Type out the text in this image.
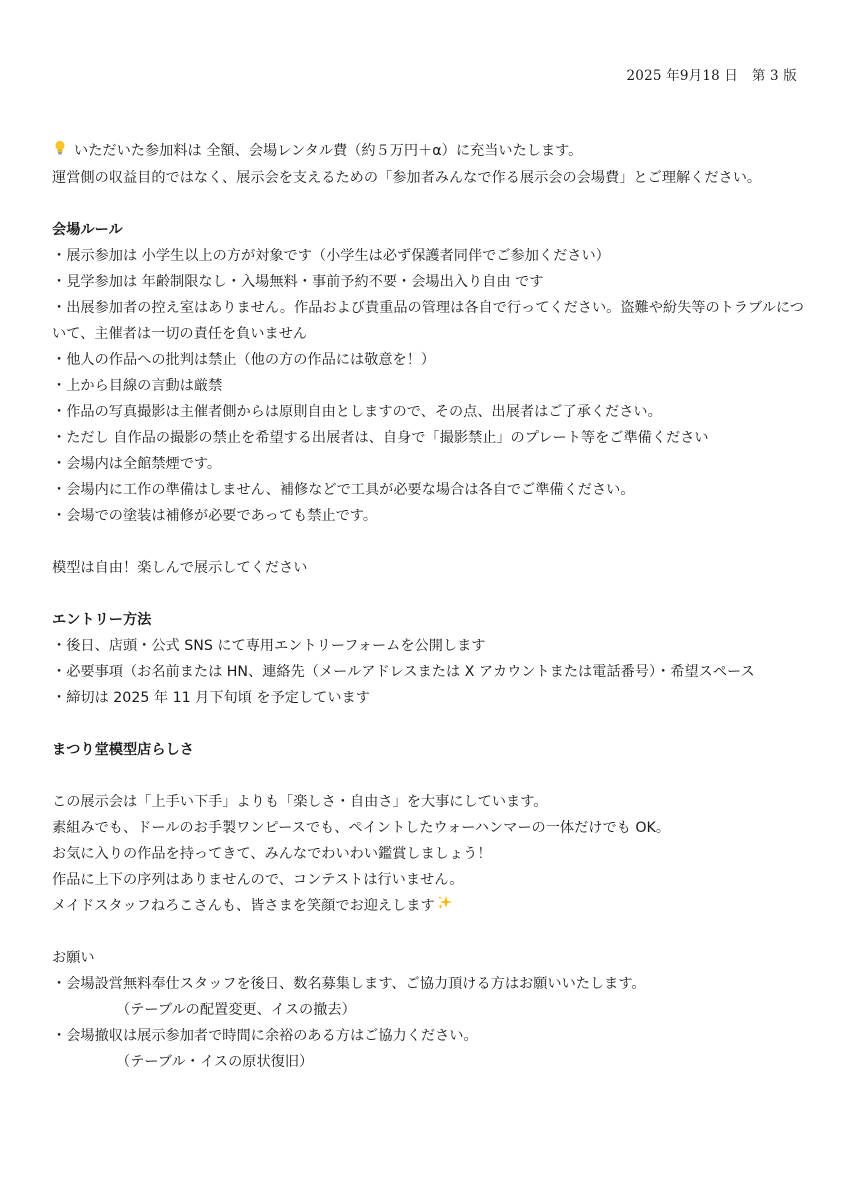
2025 年9月18 日　第 3 版
いただいた参加料は 全額、会場レンタル費（約５万円＋α）に充当いたします。
運営側の収益目的ではなく、展示会を支えるための「参加者みんなで作る展示会の会場費」とご理解ください。
会場ルール
・展示参加は 小学生以上の方が対象です（小学生は必ず保護者同伴でご参加ください）
・見学参加は 年齢制限なし・入場無料・事前予約不要・会場出入り自由 です
・出展参加者の控え室はありません。作品および貴重品の管理は各自で行ってください。盗難や紛失等のトラブルについて、主催者は一切の責任を負いません
・他人の作品への批判は禁止（他の方の作品には敬意を！）
・上から目線の言動は厳禁
・作品の写真撮影は主催者側からは原則自由としますので、その点、出展者はご了承ください。
・ただし 自作品の撮影の禁止を希望する出展者は、自身で「撮影禁止」のプレート等をご準備ください
・会場内は全館禁煙です。
・会場内に工作の準備はしません、補修などで工具が必要な場合は各自でご準備ください。
・会場での塗装は補修が必要であっても禁止です。
模型は自由！楽しんで展示してください
エントリー方法
・後日、店頭・公式 SNS にて専用エントリーフォームを公開します
・必要事項（お名前または HN、連絡先（メールアドレスまたは X アカウントまたは電話番号）・希望スペース
・締切は 2025 年 11 月下旬頃 を予定しています
まつり堂模型店らしさ
この展示会は「上手い下手」よりも「楽しさ・自由さ」を大事にしています。
素組みでも、ドールのお手製ワンピースでも、ペイントしたウォーハンマーの一体だけでも OK。
お気に入りの作品を持ってきて、みんなでわいわい鑑賞しましょう！
作品に上下の序列はありませんので、コンテストは行いません。
メイドスタッフねろこさんも、皆さまを笑顔でお迎えします
お願い
・会場設営無料奉仕スタッフを後日、数名募集します、ご協力頂ける方はお願いいたします。
（テーブルの配置変更、イスの撤去）
・会場撤収は展示参加者で時間に余裕のある方はご協力ください。
（テーブル・イスの原状復旧）
